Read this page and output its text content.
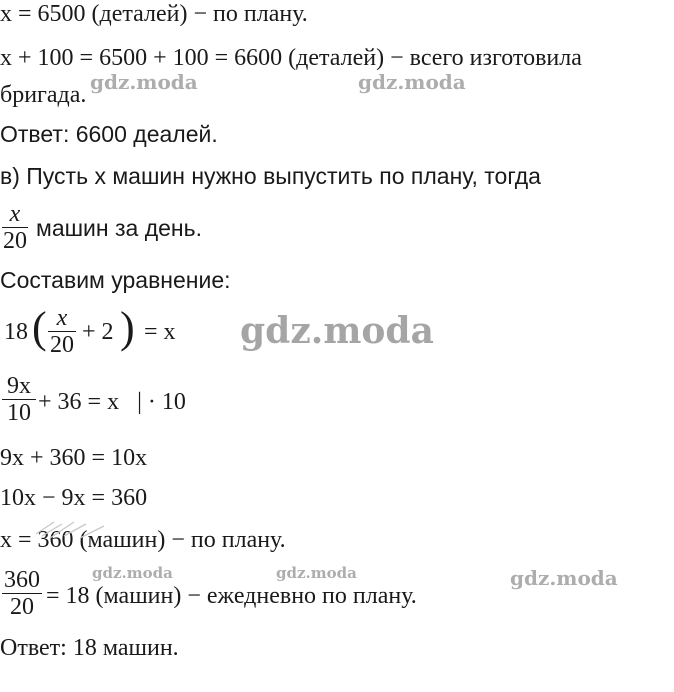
x = 6500 (деталей) − по плану.
x + 100 = 6500 + 100 = 6600 (деталей) − всего изготовила
бригада.
Ответ: 6600 деалей.
в) Пусть x машин нужно выпустить по плану, тогда
x
20 машин за день.
Составим уравнение:
18 ( x
20 + 2 ) = x
9x
10 + 36 = x   | · 10
9x + 360 = 10x
10x − 9x = 360
x = 360 (машин) − по плану.
360
20 = 18 (машин) − ежедневно по плану.
Ответ: 18 машин.
gdz.moda	gdz.moda
gdz.moda
gdz.moda	gdz.moda	gdz.moda
